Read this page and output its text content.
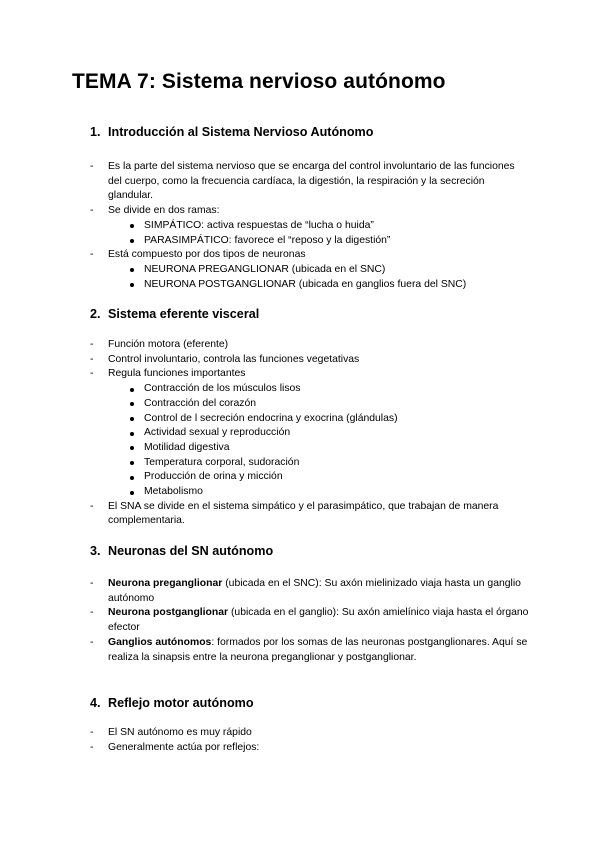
TEMA 7: Sistema nervioso autónomo
1. Introducción al Sistema Nervioso Autónomo
- Es la parte del sistema nervioso que se encarga del control involuntario de las funciones del cuerpo, como la frecuencia cardíaca, la digestión, la respiración y la secreción glandular.
- Se divide en dos ramas:
SIMPÁTICO: activa respuestas de “lucha o huida”
PARASIMPÁTICO: favorece el “reposo y la digestión”
- Está compuesto por dos tipos de neuronas
NEURONA PREGANGLIONAR (ubicada en el SNC)
NEURONA POSTGANGLIONAR (ubicada en ganglios fuera del SNC)
2. Sistema eferente visceral
- Función motora (eferente)
- Control involuntario, controla las funciones vegetativas
- Regula funciones importantes
Contracción de los músculos lisos
Contracción del corazón
Control de l secreción endocrina y exocrina (glándulas)
Actividad sexual y reproducción
Motilidad digestiva
Temperatura corporal, sudoración
Producción de orina y micción
Metabolismo
- El SNA se divide en el sistema simpático y el parasimpático, que trabajan de manera complementaria.
3. Neuronas del SN autónomo
- Neurona preganglionar (ubicada en el SNC): Su axón mielinizado viaja hasta un ganglio autónomo
- Neurona postganglionar (ubicada en el ganglio): Su axón amielínico viaja hasta el órgano efector
- Ganglios autónomos: formados por los somas de las neuronas postganglionares. Aquí se realiza la sinapsis entre la neurona preganglionar y postganglionar.
4. Reflejo motor autónomo
- El SN autónomo es muy rápido
- Generalmente actúa por reflejos:
